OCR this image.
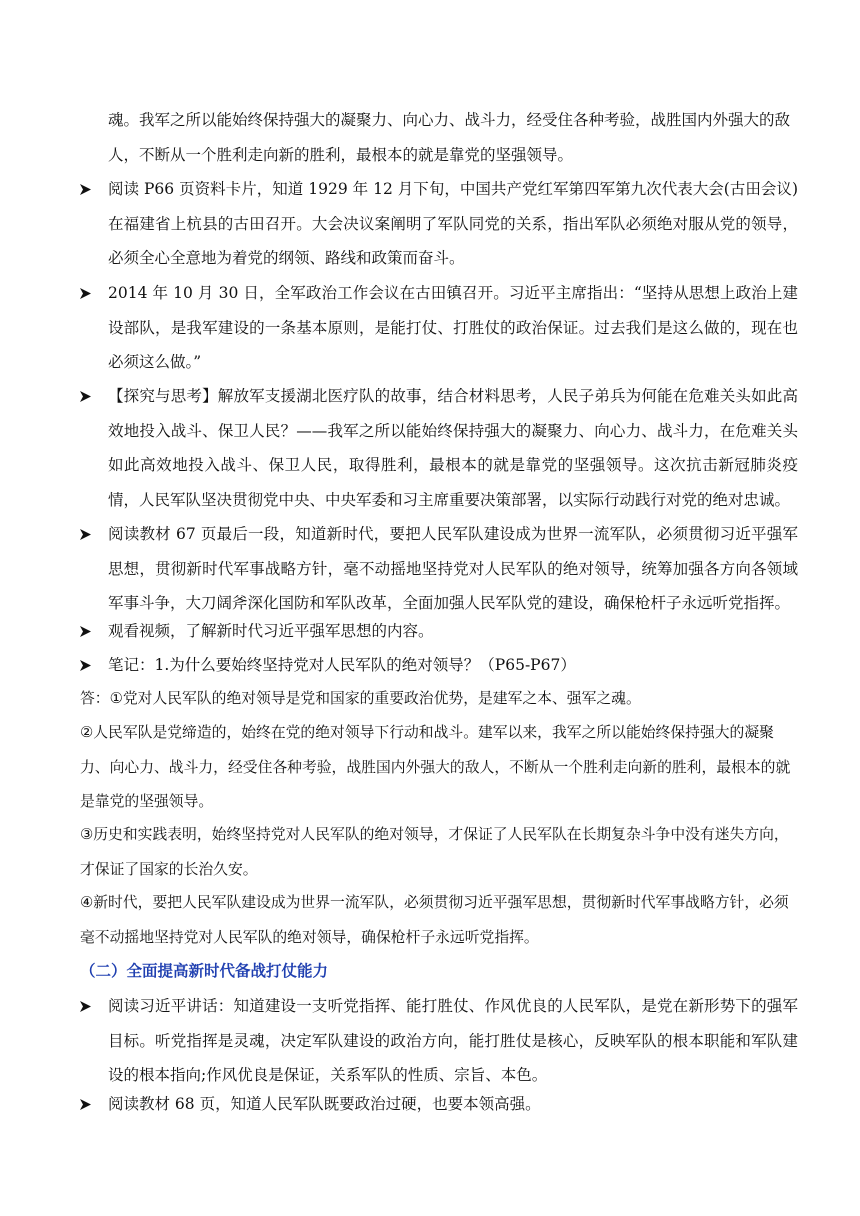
魂。我军之所以能始终保持强大的凝聚力、向心力、战斗力，经受住各种考验，战胜国内外强大的敌人，不断从一个胜利走向新的胜利，最根本的就是靠党的坚强领导。
阅读 P66 页资料卡片，知道 1929 年 12 月下旬，中国共产党红军第四军第九次代表大会(古田会议)在福建省上杭县的古田召开。大会决议案阐明了军队同党的关系，指出军队必须绝对服从党的领导，必须全心全意地为着党的纲领、路线和政策而奋斗。
2014 年 10 月 30 日，全军政治工作会议在古田镇召开。习近平主席指出：“坚持从思想上政治上建设部队，是我军建设的一条基本原则，是能打仗、打胜仗的政治保证。过去我们是这么做的，现在也必须这么做。”
【探究与思考】解放军支援湖北医疗队的故事，结合材料思考，人民子弟兵为何能在危难关头如此高效地投入战斗、保卫人民？——我军之所以能始终保持强大的凝聚力、向心力、战斗力，在危难关头如此高效地投入战斗、保卫人民，取得胜利，最根本的就是靠党的坚强领导。这次抗击新冠肺炎疫情，人民军队坚决贯彻党中央、中央军委和习主席重要决策部署，以实际行动践行对党的绝对忠诚。
阅读教材 67 页最后一段，知道新时代，要把人民军队建设成为世界一流军队，必须贯彻习近平强军思想，贯彻新时代军事战略方针，毫不动摇地坚持党对人民军队的绝对领导，统筹加强各方向各领域军事斗争，大刀阔斧深化国防和军队改革，全面加强人民军队党的建设，确保枪杆子永远听党指挥。
观看视频，了解新时代习近平强军思想的内容。
笔记：1.为什么要始终坚持党对人民军队的绝对领导？（P65-P67）
答：①党对人民军队的绝对领导是党和国家的重要政治优势，是建军之本、强军之魂。
②人民军队是党缔造的，始终在党的绝对领导下行动和战斗。建军以来，我军之所以能始终保持强大的凝聚力、向心力、战斗力，经受住各种考验，战胜国内外强大的敌人，不断从一个胜利走向新的胜利，最根本的就是靠党的坚强领导。
③历史和实践表明，始终坚持党对人民军队的绝对领导，才保证了人民军队在长期复杂斗争中没有迷失方向，才保证了国家的长治久安。
④新时代，要把人民军队建设成为世界一流军队，必须贯彻习近平强军思想，贯彻新时代军事战略方针，必须毫不动摇地坚持党对人民军队的绝对领导，确保枪杆子永远听党指挥。
（二）全面提高新时代备战打仗能力
阅读习近平讲话：知道建设一支听党指挥、能打胜仗、作风优良的人民军队，是党在新形势下的强军目标。听党指挥是灵魂，决定军队建设的政治方向，能打胜仗是核心，反映军队的根本职能和军队建设的根本指向;作风优良是保证，关系军队的性质、宗旨、本色。
阅读教材 68 页，知道人民军队既要政治过硬，也要本领高强。
